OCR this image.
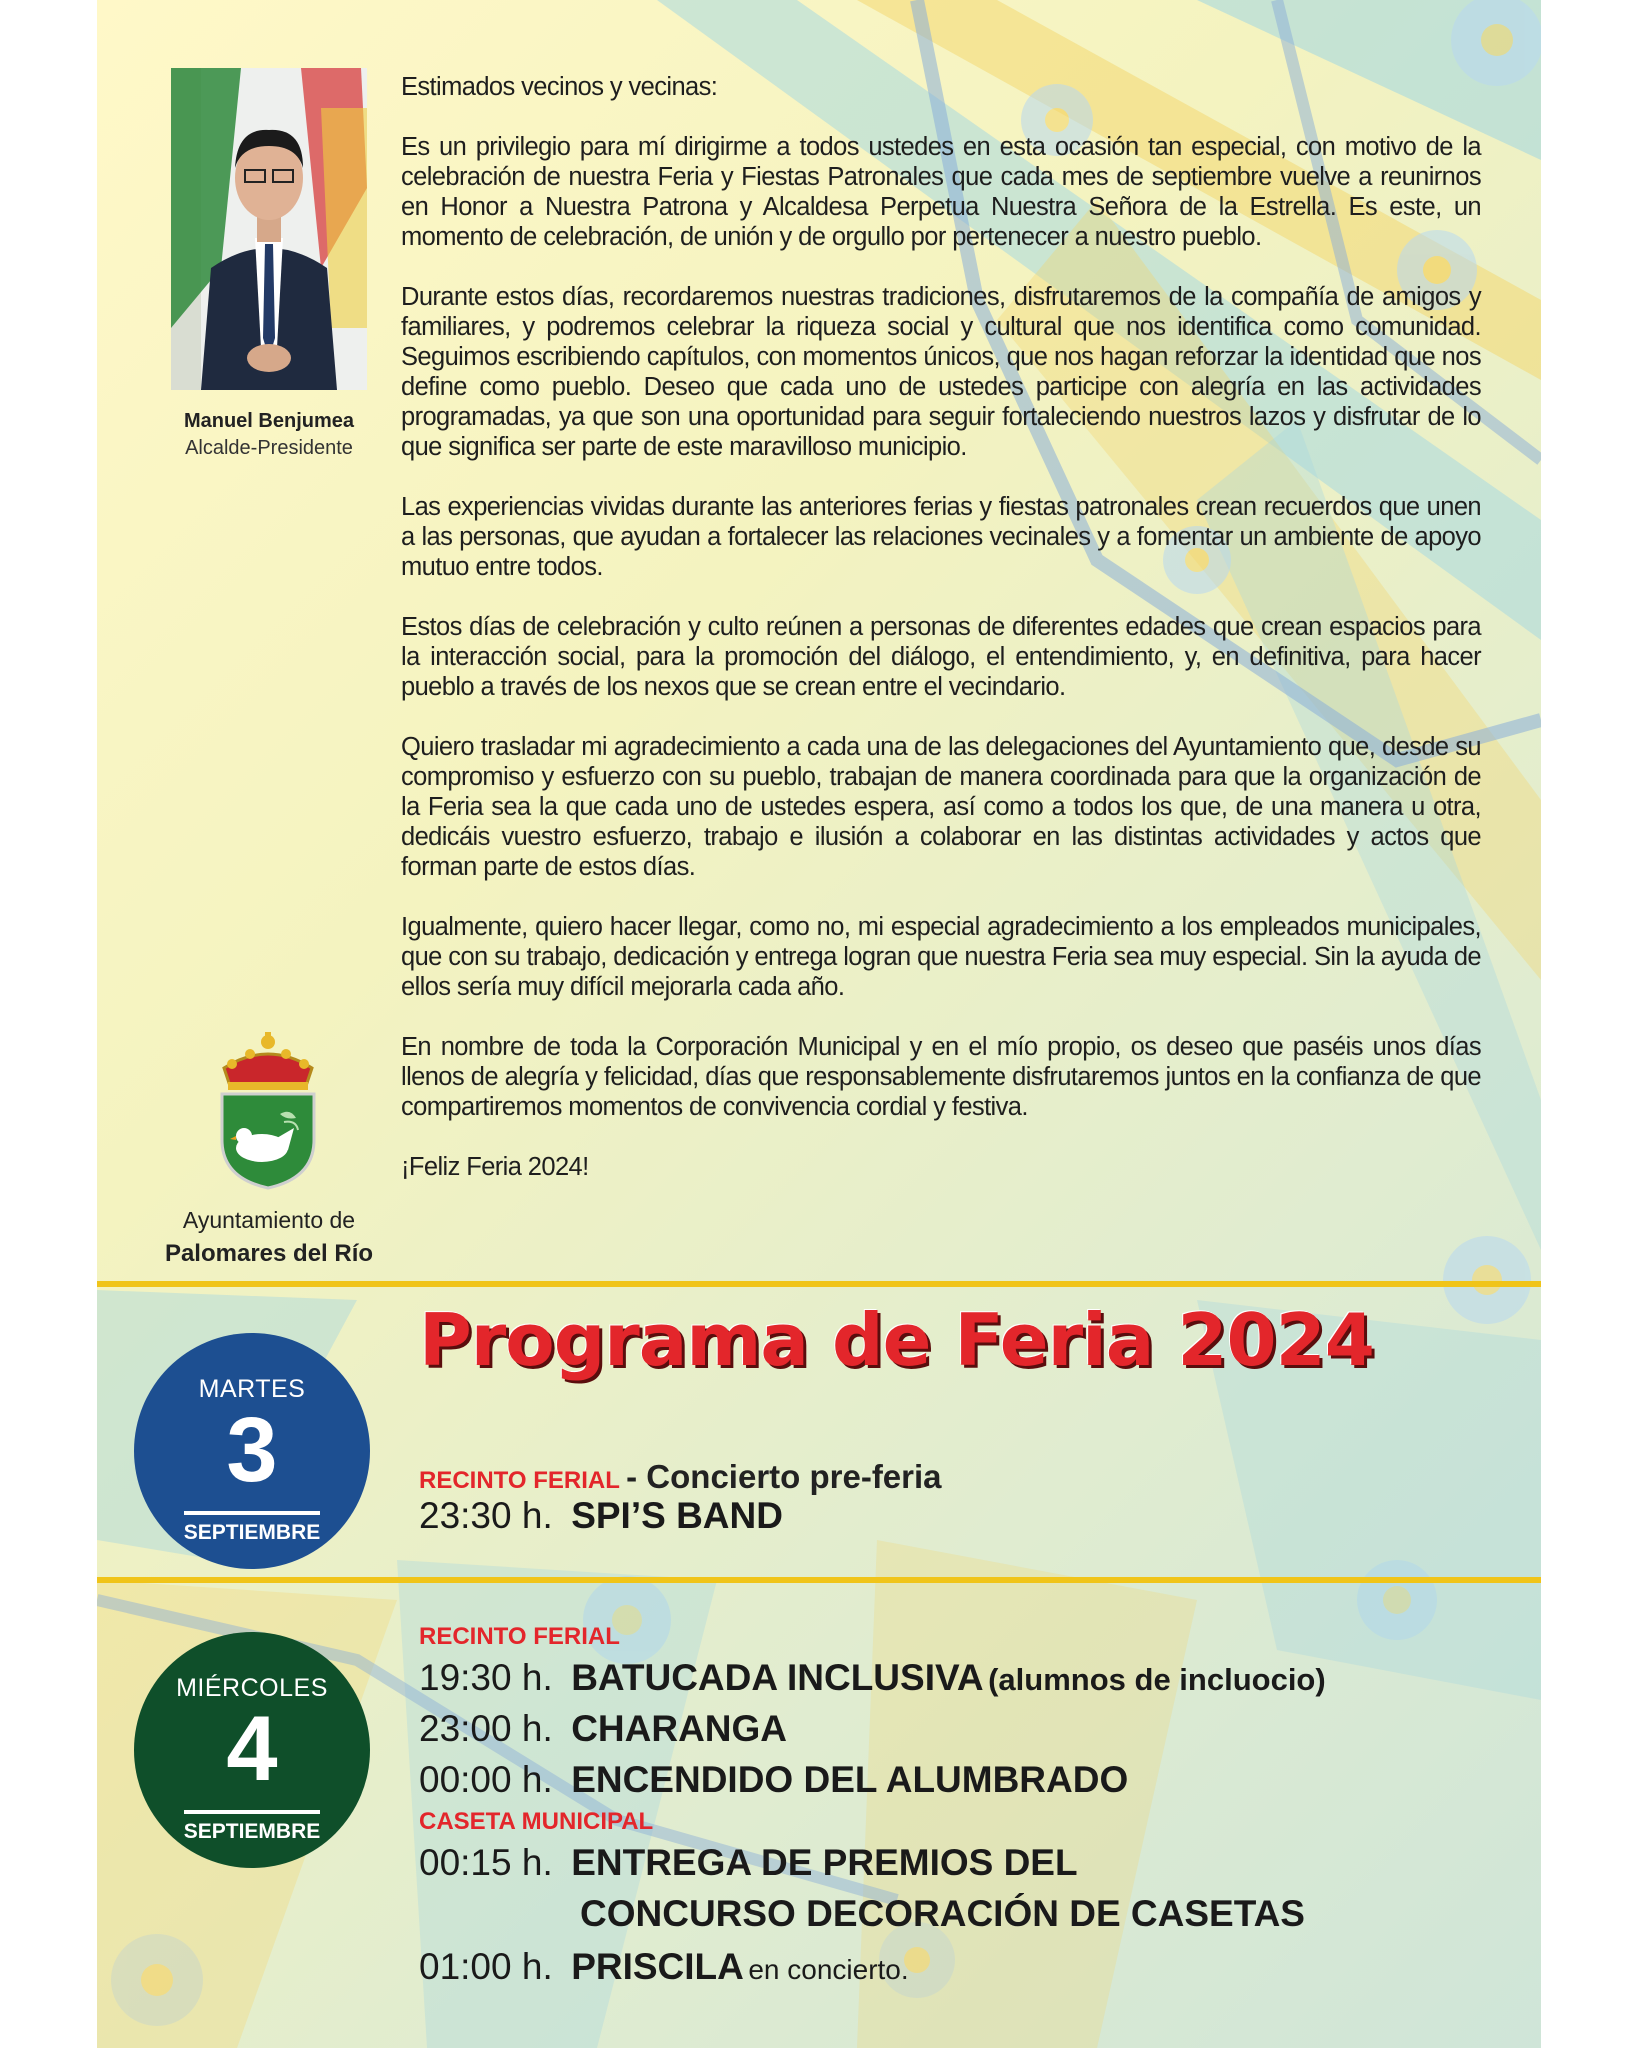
Manuel Benjumea
Alcalde-Presidente

Estimados vecinos y vecinas:

Es un privilegio para mí dirigirme a todos ustedes en esta ocasión tan especial, con motivo de la celebración de nuestra Feria y Fiestas Patronales que cada mes de septiembre vuelve a reunirnos en Honor a Nuestra Patrona y Alcaldesa Perpetua Nuestra Señora de la Estrella. Es este, un momento de celebración, de unión y de orgullo por pertenecer a nuestro pueblo.

Durante estos días, recordaremos nuestras tradiciones, disfrutaremos de la compañía de amigos y familiares, y podremos celebrar la riqueza social y cultural que nos identifica como comunidad. Seguimos escribiendo capítulos, con momentos únicos, que nos hagan reforzar la identidad que nos define como pueblo. Deseo que cada uno de ustedes participe con alegría en las actividades programadas, ya que son una oportunidad para seguir fortaleciendo nuestros lazos y disfrutar de lo que significa ser parte de este maravilloso municipio.

Las experiencias vividas durante las anteriores ferias y fiestas patronales crean recuerdos que unen a las personas, que ayudan a fortalecer las relaciones vecinales y a fomentar un ambiente de apoyo mutuo entre todos.

Estos días de celebración y culto reúnen a personas de diferentes edades que crean espacios para la interacción social, para la promoción del diálogo, el entendimiento, y, en definitiva, para hacer pueblo a través de los nexos que se crean entre el vecindario.

Quiero trasladar mi agradecimiento a cada una de las delegaciones del Ayuntamiento que, desde su compromiso y esfuerzo con su pueblo, trabajan de manera coordinada para que la organización de la Feria sea la que cada uno de ustedes espera, así como a todos los que, de una manera u otra, dedicáis vuestro esfuerzo, trabajo e ilusión a colaborar en las distintas actividades y actos que forman parte de estos días.

Igualmente, quiero hacer llegar, como no, mi especial agradecimiento a los empleados municipales, que con su trabajo, dedicación y entrega logran que nuestra Feria sea muy especial. Sin la ayuda de ellos sería muy difícil mejorarla cada año.

En nombre de toda la Corporación Municipal y en el mío propio, os deseo que paséis unos días llenos de alegría y felicidad, días que responsablemente disfrutaremos juntos en la confianza de que compartiremos momentos de convivencia cordial y festiva.

¡Feliz Feria 2024!

Ayuntamiento de
Palomares del Río
Programa de Feria 2024
MARTES
3
SEPTIEMBRE
RECINTO FERIAL - Concierto pre-feria
23:30 h. SPI’S BAND
MIÉRCOLES
4
SEPTIEMBRE
RECINTO FERIAL
19:30 h. BATUCADA INCLUSIVA (alumnos de incluocio)
23:00 h. CHARANGA
00:00 h. ENCENDIDO DEL ALUMBRADO
CASETA MUNICIPAL
00:15 h. ENTREGA DE PREMIOS DEL
CONCURSO DECORACIÓN DE CASETAS
01:00 h. PRISCILA en concierto.
